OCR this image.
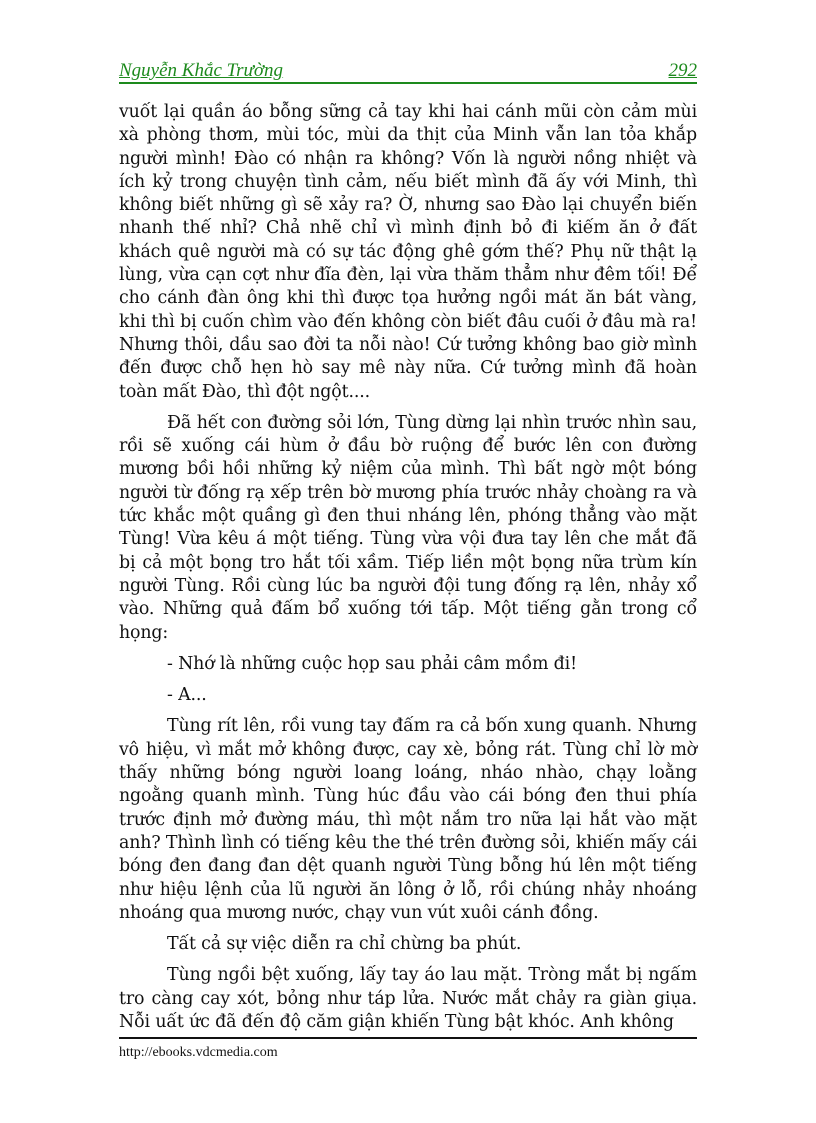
Nguyễn Khắc Trường	292

vuốt lại quần áo bỗng sững cả tay khi hai cánh mũi còn cảm mùi xà phòng thơm, mùi tóc, mùi da thịt của Minh vẫn lan tỏa khắp người mình! Đào có nhận ra không? Vốn là người nồng nhiệt và ích kỷ trong chuyện tình cảm, nếu biết mình đã ấy với Minh, thì không biết những gì sẽ xảy ra? Ờ, nhưng sao Đào lại chuyển biến nhanh thế nhỉ? Chả nhẽ chỉ vì mình định bỏ đi kiếm ăn ở đất khách quê người mà có sự tác động ghê gớm thế? Phụ nữ thật lạ lùng, vừa cạn cợt như đĩa đèn, lại vừa thăm thẳm như đêm tối! Để cho cánh đàn ông khi thì được tọa hưởng ngồi mát ăn bát vàng, khi thì bị cuốn chìm vào đến không còn biết đâu cuối ở đâu mà ra! Nhưng thôi, dầu sao đời ta nỗi nào! Cứ tưởng không bao giờ mình đến được chỗ hẹn hò say mê này nữa. Cứ tưởng mình đã hoàn toàn mất Đào, thì đột ngột....

Đã hết con đường sỏi lớn, Tùng dừng lại nhìn trước nhìn sau, rồi sẽ xuống cái hùm ở đầu bờ ruộng để bước lên con đường mương bồi hồi những kỷ niệm của mình. Thì bất ngờ một bóng người từ đống rạ xếp trên bờ mương phía trước nhảy choàng ra và tức khắc một quầng gì đen thui nháng lên, phóng thẳng vào mặt Tùng! Vừa kêu á một tiếng. Tùng vừa vội đưa tay lên che mắt đã bị cả một bọng tro hắt tối xầm. Tiếp liền một bọng nữa trùm kín người Tùng. Rồi cùng lúc ba người đội tung đống rạ lên, nhảy xổ vào. Những quả đấm bổ xuống tới tấp. Một tiếng gằn trong cổ họng:

- Nhớ là những cuộc họp sau phải câm mồm đi!

- A...

Tùng rít lên, rồi vung tay đấm ra cả bốn xung quanh. Nhưng vô hiệu, vì mắt mở không được, cay xè, bỏng rát. Tùng chỉ lờ mờ thấy những bóng người loang loáng, nháo nhào, chạy loằng ngoằng quanh mình. Tùng húc đầu vào cái bóng đen thui phía trước định mở đường máu, thì một nắm tro nữa lại hắt vào mặt anh? Thình lình có tiếng kêu the thé trên đường sỏi, khiến mấy cái bóng đen đang đan dệt quanh người Tùng bỗng hú lên một tiếng như hiệu lệnh của lũ người ăn lông ở lỗ, rồi chúng nhảy nhoáng nhoáng qua mương nước, chạy vun vút xuôi cánh đồng.

Tất cả sự việc diễn ra chỉ chừng ba phút.

Tùng ngồi bệt xuống, lấy tay áo lau mặt. Tròng mắt bị ngấm tro càng cay xót, bỏng như táp lửa. Nước mắt chảy ra giàn giụa. Nỗi uất ức đã đến độ căm giận khiến Tùng bật khóc. Anh không

http://ebooks.vdcmedia.com
